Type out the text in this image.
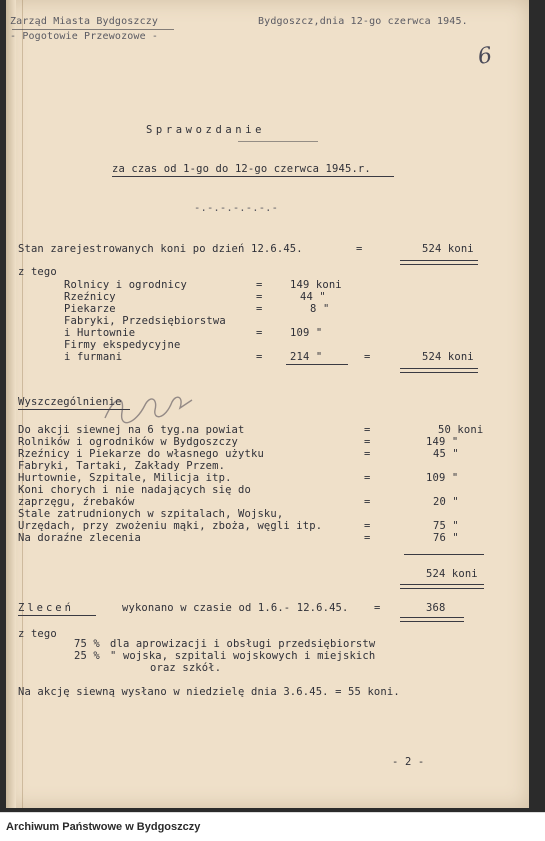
Zarząd Miasta Bydgoszczy
- Pogotowie Przewozowe -
Bydgoszcz,dnia 12-go czerwca 1945.
6
Sprawozdanie
za czas od 1-go do 12-go czerwca 1945.r.
-.-.-.-.-.-.-
Stan zarejestrowanych koni po dzień 12.6.45.	=	524 koni
z tego
Rolnicy i ogrodnicy	=	149 koni
Rzeźnicy	=	44 "
Piekarze	=	8 "
Fabryki, Przedsiębiorstwa
i Hurtownie	=	109 "
Firmy ekspedycyjne
i furmani	=	214 "	=	524 koni
Wyszczególnienie
Do akcji siewnej na 6 tyg.na powiat	=	50 koni
Rolników i ogrodników w Bydgoszczy	=	149 "
Rzeźnicy i Piekarze do własnego użytku	=	45 "
Fabryki, Tartaki, Zakłady Przem.
Hurtownie, Szpitale, Milicja itp.	=	109 "
Koni chorych i nie nadających się do
zaprzęgu, źrebaków	=	20 "
Stale zatrudnionych w szpitalach, Wojsku,
Urzędach, przy zwożeniu mąki, zboża, węgli itp.	=	75 "
Na doraźne zlecenia	=	76 "
524 koni
Zleceń	wykonano w czasie od 1.6.- 12.6.45. =	368
z tego
75 % dla aprowizacji i obsługi przedsiębiorstw
25 % " wojska, szpitali wojskowych i miejskich
oraz szkół.
Na akcję siewną wysłano w niedzielę dnia 3.6.45. = 55 koni.
- 2 -
Archiwum Państwowe w Bydgoszczy
